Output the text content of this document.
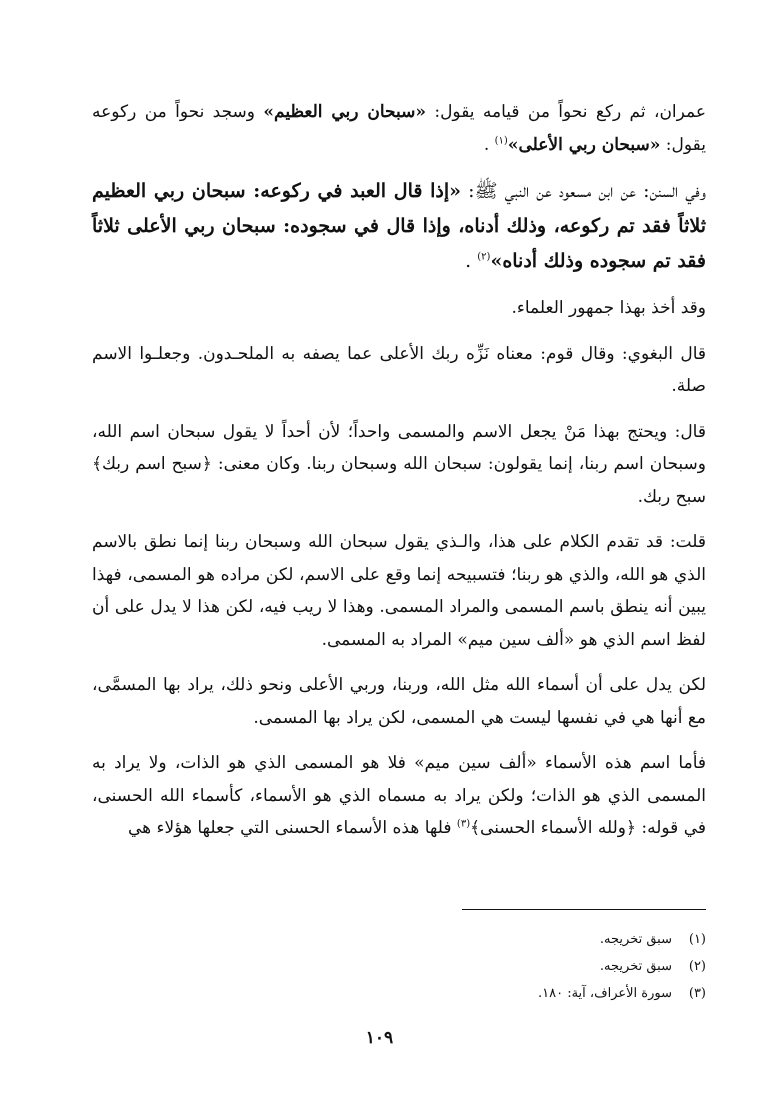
عمران، ثم ركع نحواً من قيامه يقول: «سبحان ربي العظيم» وسجد نحواً من ركوعه يقول: «سبحان ربي الأعلى»$^{(١)}$ .

وفي السنن: عن ابن مسعود عن النبي ﷺ: «إذا قال العبد في ركوعه: سبحان ربي العظيم ثلاثاً فقد تم ركوعه، وذلك أدناه، وإذا قال في سجوده: سبحان ربي الأعلى ثلاثاً فقد تم سجوده وذلك أدناه»$^{(٢)}$ .

وقد أخذ بهذا جمهور العلماء.

قال البغوي: وقال قوم: معناه نَزِّه ربك الأعلى عما يصفه به الملحـدون. وجعلـوا الاسم صلة.

قال: ويحتج بهذا مَنْ يجعل الاسم والمسمى واحداً؛ لأن أحداً لا يقول سبحان اسم الله، وسبحان اسم ربنا، إنما يقولون: سبحان الله وسبحان ربنا. وكان معنى: ﴿سبح اسم ربك﴾ سبح ربك.

قلت: قد تقدم الكلام على هذا، والـذي يقول سبحان الله وسبحان ربنا إنما نطق بالاسم الذي هو الله، والذي هو ربنا؛ فتسبيحه إنما وقع على الاسم، لكن مراده هو المسمى، فهذا يبين أنه ينطق باسم المسمى والمراد المسمى. وهذا لا ريب فيه، لكن هذا لا يدل على أن لفظ اسم الذي هو «ألف سين ميم» المراد به المسمى.

لكن يدل على أن أسماء الله مثل الله، وربنا، وربي الأعلى ونحو ذلك، يراد بها المسمَّى، مع أنها هي في نفسها ليست هي المسمى، لكن يراد بها المسمى.

فأما اسم هذه الأسماء «ألف سين ميم» فلا هو المسمى الذي هو الذات، ولا يراد به المسمى الذي هو الذات؛ ولكن يراد به مسماه الذي هو الأسماء، كأسماء الله الحسنى، في قوله: ﴿ولله الأسماء الحسنى﴾$^{(٣)}$ فلها هذه الأسماء الحسنى التي جعلها هؤلاء هي

(١)سبق تخريجه.
(٢)سبق تخريجه.
(٣)سورة الأعراف، آية: ١٨٠.
١٠٩
